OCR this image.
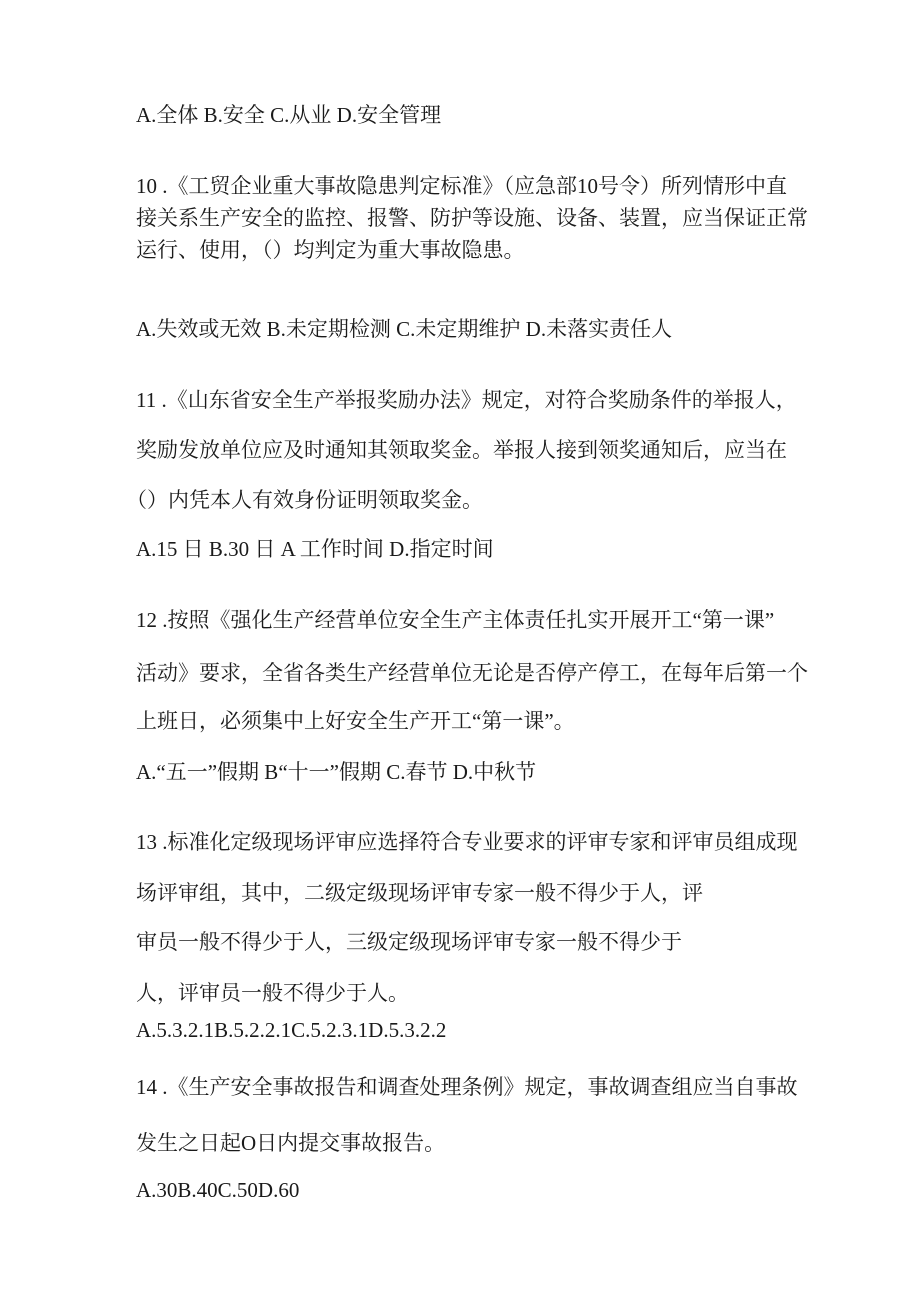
A.全体 B.安全 C.从业 D.安全管理
10 .《工贸企业重大事故隐患判定标准》（应急部10号令）所列情形中直
接关系生产安全的监控、报警、防护等设施、设备、装置，应当保证正常
运行、使用，（）均判定为重大事故隐患。
A.失效或无效 B.未定期检测 C.未定期维护 D.未落实责任人
11 .《山东省安全生产举报奖励办法》规定，对符合奖励条件的举报人，
奖励发放单位应及时通知其领取奖金。举报人接到领奖通知后，应当在
（）内凭本人有效身份证明领取奖金。
A.15 日 B.30 日 A 工作时间 D.指定时间
12 .按照《强化生产经营单位安全生产主体责任扎实开展开工“第一课”
活动》要求，全省各类生产经营单位无论是否停产停工，在每年后第一个
上班日，必须集中上好安全生产开工“第一课”。
A.“五一”假期 B“十一”假期 C.春节 D.中秋节
13 .标准化定级现场评审应选择符合专业要求的评审专家和评审员组成现
场评审组，其中，二级定级现场评审专家一般不得少于人，评
审员一般不得少于人，三级定级现场评审专家一般不得少于
人，评审员一般不得少于人。
A.5.3.2.1B.5.2.2.1C.5.2.3.1D.5.3.2.2
14 .《生产安全事故报告和调查处理条例》规定，事故调查组应当自事故
发生之日起O日内提交事故报告。
A.30B.40C.50D.60
